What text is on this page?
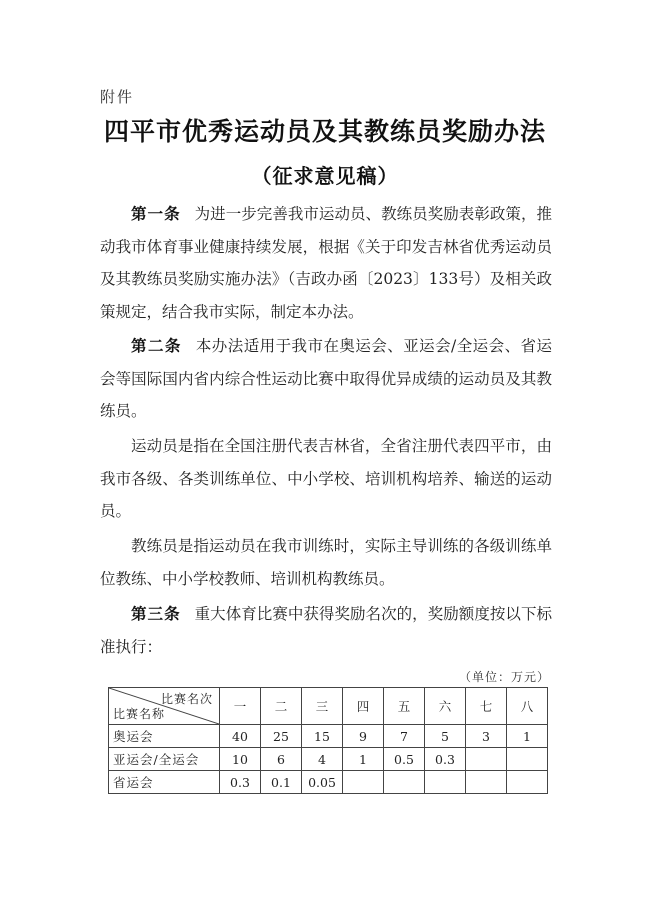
附件
四平市优秀运动员及其教练员奖励办法
（征求意见稿）
第一条 为进一步完善我市运动员、教练员奖励表彰政策，推动我市体育事业健康持续发展，根据《关于印发吉林省优秀运动员及其教练员奖励实施办法》（吉政办函〔2023〕133号）及相关政策规定，结合我市实际，制定本办法。
第二条 本办法适用于我市在奥运会、亚运会/全运会、省运会等国际国内省内综合性运动比赛中取得优异成绩的运动员及其教练员。
运动员是指在全国注册代表吉林省，全省注册代表四平市，由我市各级、各类训练单位、中小学校、培训机构培养、输送的运动员。
教练员是指运动员在我市训练时，实际主导训练的各级训练单位教练、中小学校教师、培训机构教练员。
第三条 重大体育比赛中获得奖励名次的，奖励额度按以下标准执行：
（单位：万元）
比赛名次
比赛名称	一	二	三	四	五	六	七	八
奥运会	40	25	15	9	7	5	3	1
亚运会/全运会	10	6	4	1	0.5	0.3		
省运会	0.3	0.1	0.05					
